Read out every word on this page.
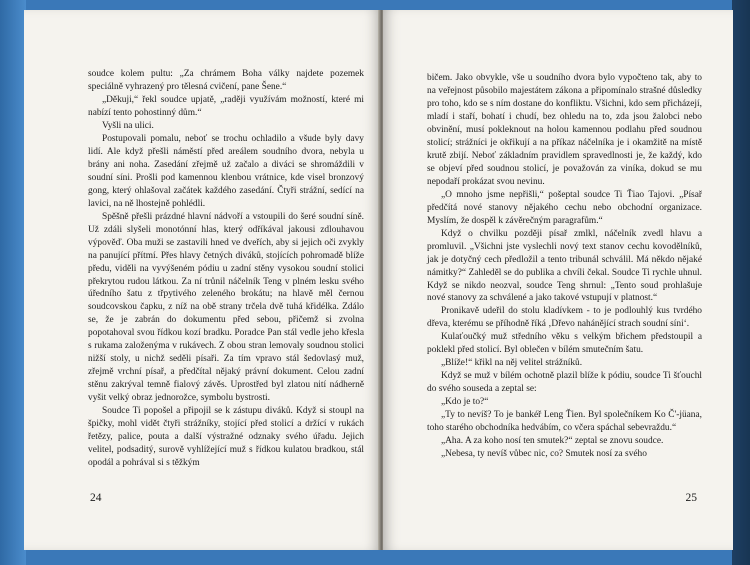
soudce kolem pultu: „Za chrámem Boha války najdete pozemek speciálně vyhrazený pro tělesná cvičení, pane Šene.“

„Děkuji,“ řekl soudce upjatě, „raději využívám možností, které mi nabízí tento pohostinný dům.“

Vyšli na ulici.

Postupovali pomalu, neboť se trochu ochladilo a všude byly davy lidí. Ale když přešli náměstí před areálem soudního dvora, nebyla u brány ani noha. Zasedání zřejmě už začalo a diváci se shromáždili v soudní síni. Prošli pod kamennou klenbou vrátnice, kde visel bronzový gong, který ohlašoval začátek každého zasedání. Čtyři strážní, sedící na lavici, na ně lhostejně pohlédli.

Spěšně přešli prázdné hlavní nádvoří a vstoupili do šeré soudní síně. Už zdáli slyšeli monotónní hlas, který odříkával jakousi zdlouhavou výpověď. Oba muži se zastavili hned ve dveřích, aby si jejich oči zvykly na panující přítmí. Přes hlavy četných diváků, stojících pohromadě blíže předu, viděli na vyvýšeném pódiu u zadní stěny vysokou soudní stolici překrytou rudou látkou. Za ní trůnil náčelník Teng v plném lesku svého úředního šatu z třpytivého zeleného brokátu; na hlavě měl černou soudcovskou čapku, z níž na obě strany trčela dvě tuhá křidélka. Zdálo se, že je zabrán do dokumentu před sebou, přičemž si zvolna popotahoval svou řídkou kozí bradku. Poradce Pan stál vedle jeho křesla s rukama založenýma v rukávech. Z obou stran lemovaly soudnou stolici nižší stoly, u nichž seděli písaři. Za tím vpravo stál šedovlasý muž, zřejmě vrchní písař, a předčítal nějaký právní dokument. Celou zadní stěnu zakrýval temně fialový závěs. Uprostřed byl zlatou nití nádherně vyšit velký obraz jednorožce, symbolu bystrosti.

Soudce Ti popošel a připojil se k zástupu diváků. Když si stoupl na špičky, mohl vidět čtyři strážníky, stojící před stolicí a držící v rukách řetězy, palice, pouta a další výstražné odznaky svého úřadu. Jejich velitel, podsaditý, surově vyhlížející muž s řídkou kulatou bradkou, stál opodál a pohrával si s těžkým

24

bičem. Jako obvykle, vše u soudního dvora bylo vypočteno tak, aby to na veřejnost působilo majestátem zákona a připomínalo strašné důsledky pro toho, kdo se s ním dostane do konfliktu. Všichni, kdo sem přicházejí, mladí i staří, bohatí i chudí, bez ohledu na to, zda jsou žalobci nebo obvinění, musí pokleknout na holou kamennou podlahu před soudnou stolicí; strážníci je okřikují a na příkaz náčelníka je i okamžitě na místě krutě zbijí. Neboť základním pravidlem spravedlnosti je, že každý, kdo se objeví před soudnou stolicí, je považován za viníka, dokud se mu nepodaří prokázat svou nevinu.

„O mnoho jsme nepřišli,“ pošeptal soudce Ti Ťiao Tajovi. „Písař předčítá nové stanovy nějakého cechu nebo obchodní organizace. Myslím, že dospěl k závěrečným paragrafům.“

Když o chvilku později písař zmlkl, náčelník zvedl hlavu a promluvil. „Všichni jste vyslechli nový text stanov cechu kovodělníků, jak je dotyčný cech předložil a tento tribunál schválil. Má někdo nějaké námitky?“ Zahleděl se do publika a chvíli čekal. Soudce Ti rychle uhnul. Když se nikdo neozval, soudce Teng shrnul: „Tento soud prohlašuje nové stanovy za schválené a jako takové vstupují v platnost.“

Pronikavě udeřil do stolu kladívkem - to je podlouhlý kus tvrdého dřeva, kterému se příhodně říká ‚Dřevo nahánějící strach soudní síni‘.

Kulaťoučký muž středního věku s velkým břichem předstoupil a poklekl před stolicí. Byl oblečen v bílém smutečním šatu.

„Blíže!“ křikl na něj velitel strážníků.

Když se muž v bílém ochotně plazil blíže k pódiu, soudce Ti šťouchl do svého souseda a zeptal se:

„Kdo je to?“

„Ty to nevíš? To je bankéř Leng Ťien. Byl společníkem Ko Č'-jüana, toho starého obchodníka hedvábím, co včera spáchal sebevraždu.“

„Aha. A za koho nosí ten smutek?“ zeptal se znovu soudce.

„Nebesa, ty nevíš vůbec nic, co? Smutek nosí za svého

25
